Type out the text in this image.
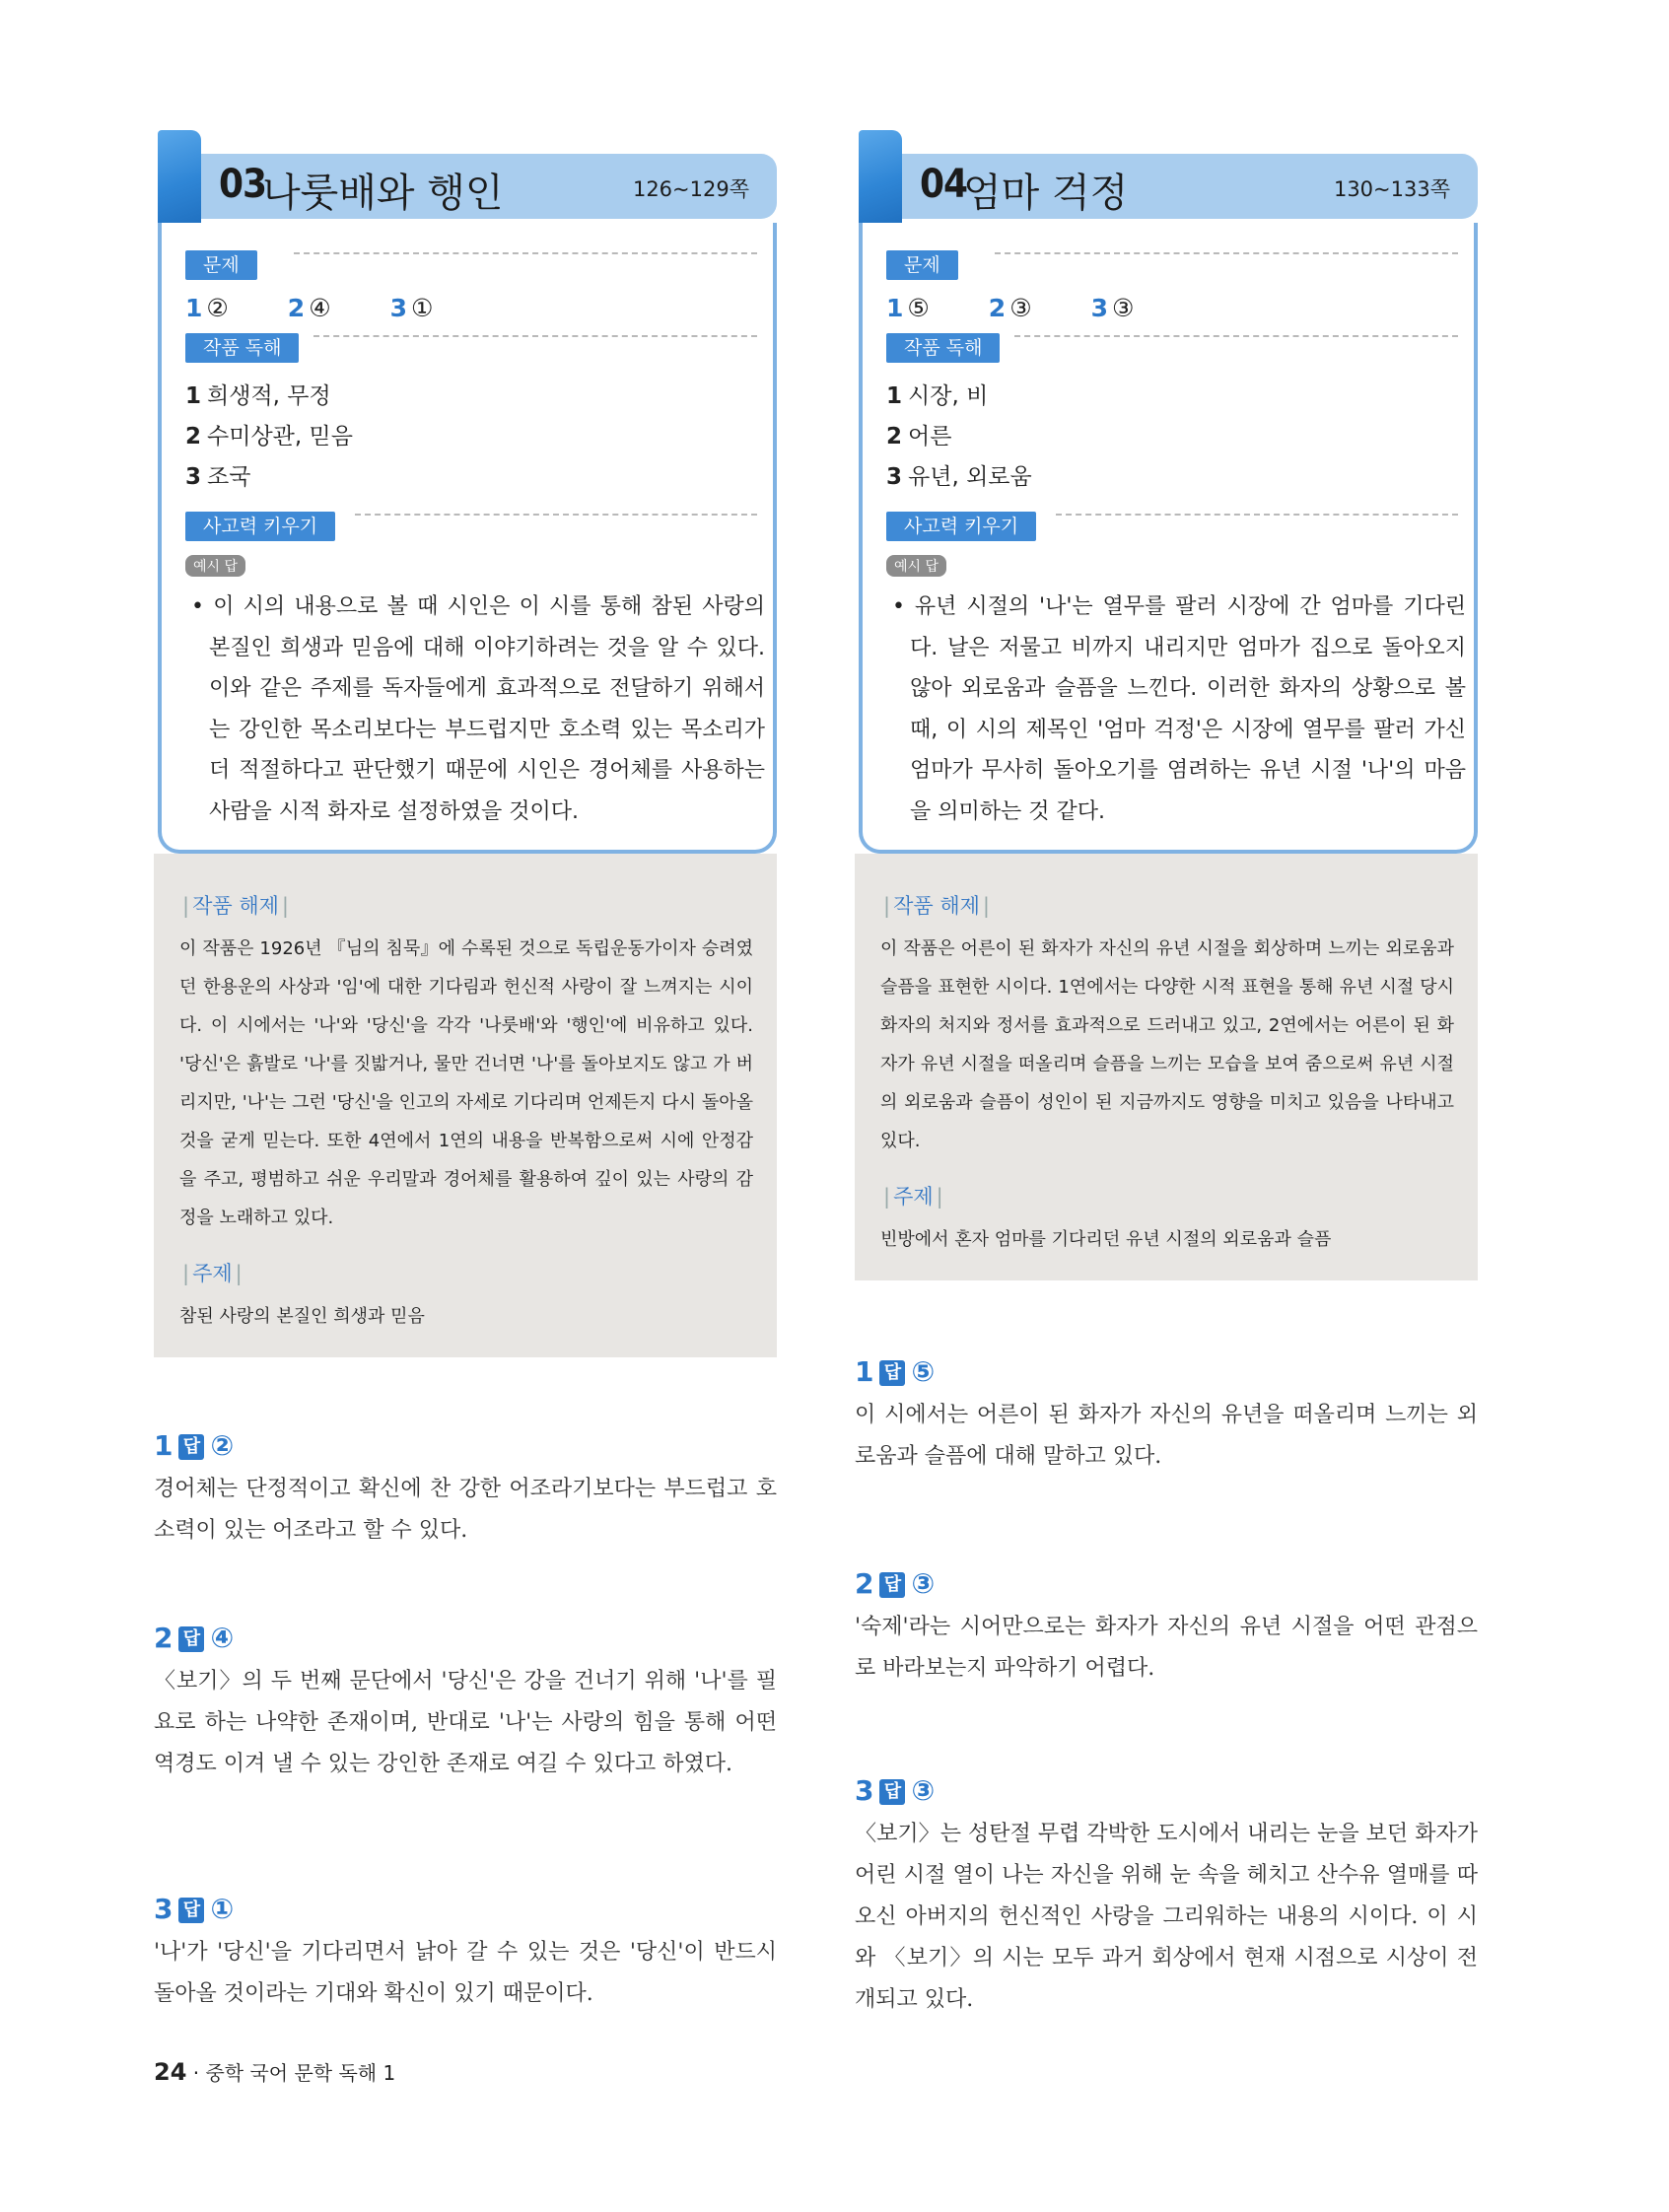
03
나룻배와 행인	126~129쪽
문제
1 ② 2 ④ 3 ①
작품 독해
1 희생적, 무정
2 수미상관, 믿음
3 조국
사고력 키우기
예시 답
• 이 시의 내용으로 볼 때 시인은 이 시를 통해 참된 사랑의 본질인 희생과 믿음에 대해 이야기하려는 것을 알 수 있다. 이와 같은 주제를 독자들에게 효과적으로 전달하기 위해서는 강인한 목소리보다는 부드럽지만 호소력 있는 목소리가 더 적절하다고 판단했기 때문에 시인은 경어체를 사용하는 사람을 시적 화자로 설정하였을 것이다.
| 작품 해제 |

이 작품은 1926년 『님의 침묵』에 수록된 것으로 독립운동가이자 승려였던 한용운의 사상과 '임'에 대한 기다림과 헌신적 사랑이 잘 느껴지는 시이다. 이 시에서는 '나'와 '당신'을 각각 '나룻배'와 '행인'에 비유하고 있다. '당신'은 흙발로 '나'를 짓밟거나, 물만 건너면 '나'를 돌아보지도 않고 가 버리지만, '나'는 그런 '당신'을 인고의 자세로 기다리며 언제든지 다시 돌아올 것을 굳게 믿는다. 또한 4연에서 1연의 내용을 반복함으로써 시에 안정감을 주고, 평범하고 쉬운 우리말과 경어체를 활용하여 깊이 있는 사랑의 감정을 노래하고 있다.

| 주제 |

참된 사랑의 본질인 희생과 믿음

1 답 ②
경어체는 단정적이고 확신에 찬 강한 어조라기보다는 부드럽고 호소력이 있는 어조라고 할 수 있다.
2 답 ④
〈보기〉의 두 번째 문단에서 '당신'은 강을 건너기 위해 '나'를 필요로 하는 나약한 존재이며, 반대로 '나'는 사랑의 힘을 통해 어떤 역경도 이겨 낼 수 있는 강인한 존재로 여길 수 있다고 하였다.
3 답 ①
'나'가 '당신'을 기다리면서 낡아 갈 수 있는 것은 '당신'이 반드시 돌아올 것이라는 기대와 확신이 있기 때문이다.
04
엄마 걱정	130~133쪽
문제
1 ⑤ 2 ③ 3 ③
작품 독해
1 시장, 비
2 어른
3 유년, 외로움
사고력 키우기
예시 답
• 유년 시절의 '나'는 열무를 팔러 시장에 간 엄마를 기다린다. 날은 저물고 비까지 내리지만 엄마가 집으로 돌아오지 않아 외로움과 슬픔을 느낀다. 이러한 화자의 상황으로 볼 때, 이 시의 제목인 '엄마 걱정'은 시장에 열무를 팔러 가신 엄마가 무사히 돌아오기를 염려하는 유년 시절 '나'의 마음을 의미하는 것 같다.
| 작품 해제 |

이 작품은 어른이 된 화자가 자신의 유년 시절을 회상하며 느끼는 외로움과 슬픔을 표현한 시이다. 1연에서는 다양한 시적 표현을 통해 유년 시절 당시 화자의 처지와 정서를 효과적으로 드러내고 있고, 2연에서는 어른이 된 화자가 유년 시절을 떠올리며 슬픔을 느끼는 모습을 보여 줌으로써 유년 시절의 외로움과 슬픔이 성인이 된 지금까지도 영향을 미치고 있음을 나타내고 있다.

| 주제 |

빈방에서 혼자 엄마를 기다리던 유년 시절의 외로움과 슬픔

1 답 ⑤
이 시에서는 어른이 된 화자가 자신의 유년을 떠올리며 느끼는 외로움과 슬픔에 대해 말하고 있다.
2 답 ③
'숙제'라는 시어만으로는 화자가 자신의 유년 시절을 어떤 관점으로 바라보는지 파악하기 어렵다.
3 답 ③
〈보기〉는 성탄절 무렵 각박한 도시에서 내리는 눈을 보던 화자가 어린 시절 열이 나는 자신을 위해 눈 속을 헤치고 산수유 열매를 따 오신 아버지의 헌신적인 사랑을 그리워하는 내용의 시이다. 이 시와 〈보기〉의 시는 모두 과거 회상에서 현재 시점으로 시상이 전개되고 있다.
24 · 중학 국어 문학 독해 1
